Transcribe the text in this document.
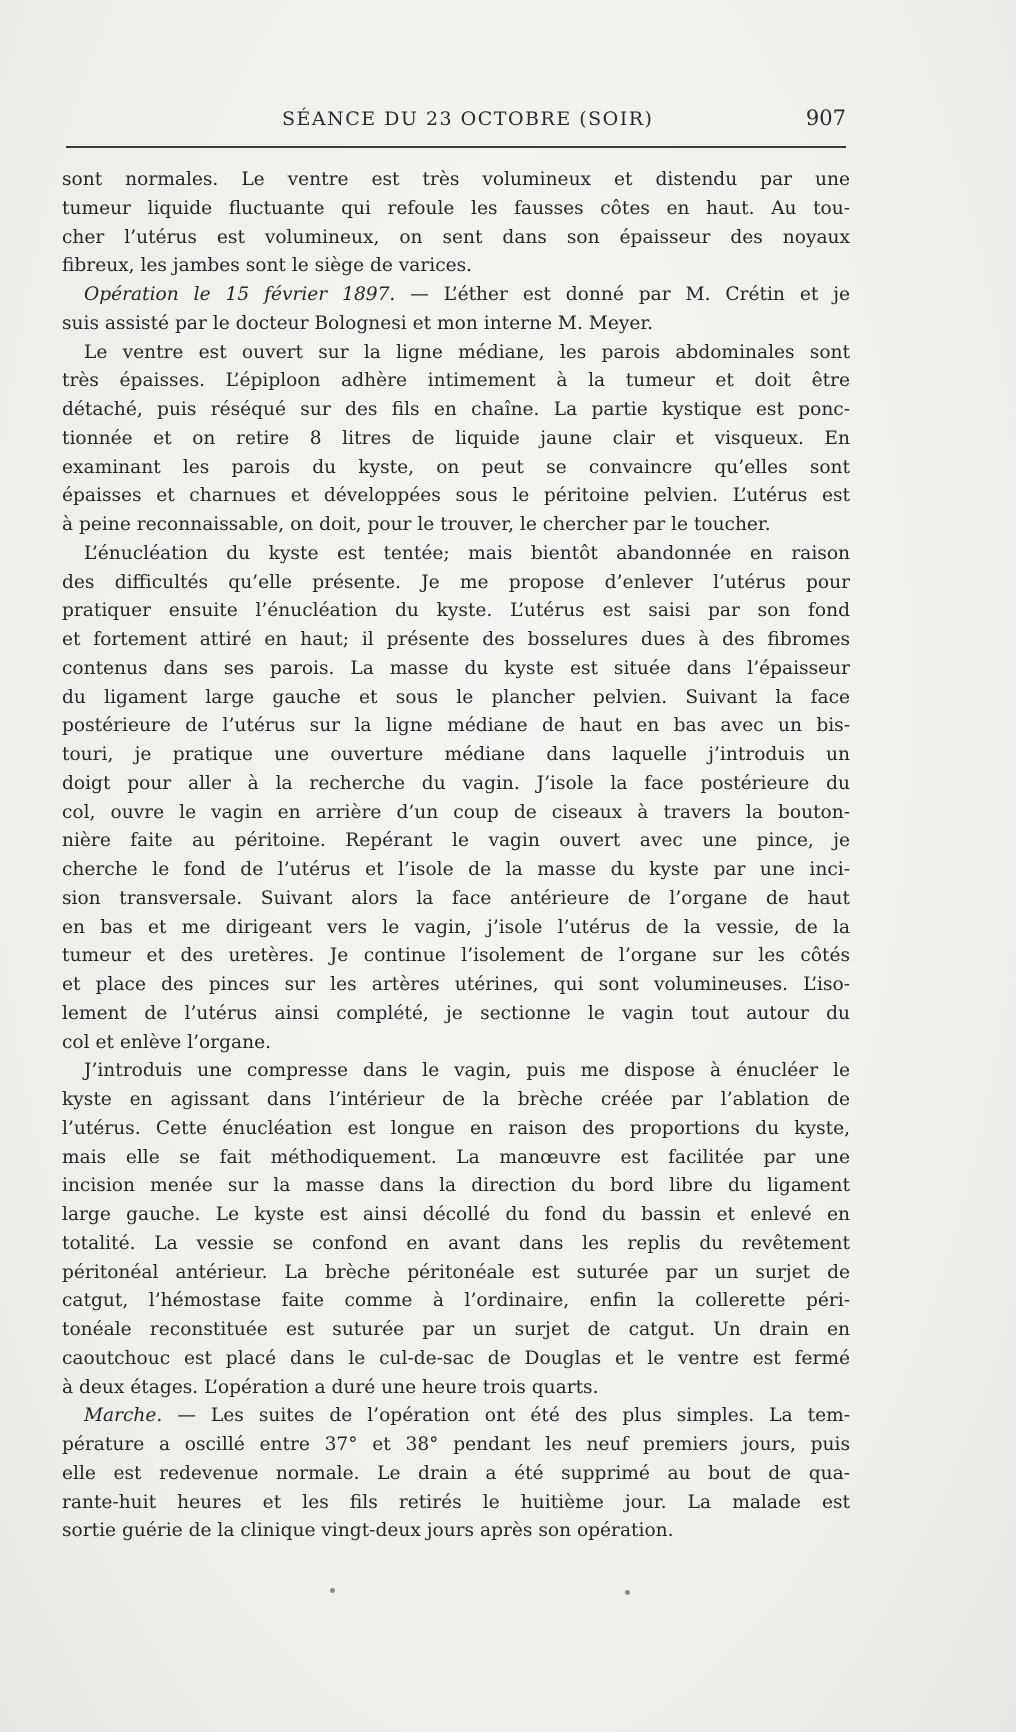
SÉANCE DU 23 OCTOBRE (SOIR)	907
sont normales. Le ventre est très volumineux et distendu par une
tumeur liquide fluctuante qui refoule les fausses côtes en haut. Au tou-
cher l’utérus est volumineux, on sent dans son épaisseur des noyaux
fibreux, les jambes sont le siège de varices.
Opération le 15 février 1897. — L’éther est donné par M. Crétin et je
suis assisté par le docteur Bolognesi et mon interne M. Meyer.
Le ventre est ouvert sur la ligne médiane, les parois abdominales sont
très épaisses. L’épiploon adhère intimement à la tumeur et doit être
détaché, puis réséqué sur des fils en chaîne. La partie kystique est ponc-
tionnée et on retire 8 litres de liquide jaune clair et visqueux. En
examinant les parois du kyste, on peut se convaincre qu’elles sont
épaisses et charnues et développées sous le péritoine pelvien. L’utérus est
à peine reconnaissable, on doit, pour le trouver, le chercher par le toucher.
L’énucléation du kyste est tentée; mais bientôt abandonnée en raison
des difficultés qu’elle présente. Je me propose d’enlever l’utérus pour
pratiquer ensuite l’énucléation du kyste. L’utérus est saisi par son fond
et fortement attiré en haut; il présente des bosselures dues à des fibromes
contenus dans ses parois. La masse du kyste est située dans l’épaisseur
du ligament large gauche et sous le plancher pelvien. Suivant la face
postérieure de l’utérus sur la ligne médiane de haut en bas avec un bis-
touri, je pratique une ouverture médiane dans laquelle j’introduis un
doigt pour aller à la recherche du vagin. J’isole la face postérieure du
col, ouvre le vagin en arrière d’un coup de ciseaux à travers la bouton-
nière faite au péritoine. Repérant le vagin ouvert avec une pince, je
cherche le fond de l’utérus et l’isole de la masse du kyste par une inci-
sion transversale. Suivant alors la face antérieure de l’organe de haut
en bas et me dirigeant vers le vagin, j’isole l’utérus de la vessie, de la
tumeur et des uretères. Je continue l’isolement de l’organe sur les côtés
et place des pinces sur les artères utérines, qui sont volumineuses. L’iso-
lement de l’utérus ainsi complété, je sectionne le vagin tout autour du
col et enlève l’organe.
J’introduis une compresse dans le vagin, puis me dispose à énucléer le
kyste en agissant dans l’intérieur de la brèche créée par l’ablation de
l’utérus. Cette énucléation est longue en raison des proportions du kyste,
mais elle se fait méthodiquement. La manœuvre est facilitée par une
incision menée sur la masse dans la direction du bord libre du ligament
large gauche. Le kyste est ainsi décollé du fond du bassin et enlevé en
totalité. La vessie se confond en avant dans les replis du revêtement
péritonéal antérieur. La brèche péritonéale est suturée par un surjet de
catgut, l’hémostase faite comme à l’ordinaire, enfin la collerette péri-
tonéale reconstituée est suturée par un surjet de catgut. Un drain en
caoutchouc est placé dans le cul-de-sac de Douglas et le ventre est fermé
à deux étages. L’opération a duré une heure trois quarts.
Marche. — Les suites de l’opération ont été des plus simples. La tem-
pérature a oscillé entre 37° et 38° pendant les neuf premiers jours, puis
elle est redevenue normale. Le drain a été supprimé au bout de qua-
rante-huit heures et les fils retirés le huitième jour. La malade est
sortie guérie de la clinique vingt-deux jours après son opération.
